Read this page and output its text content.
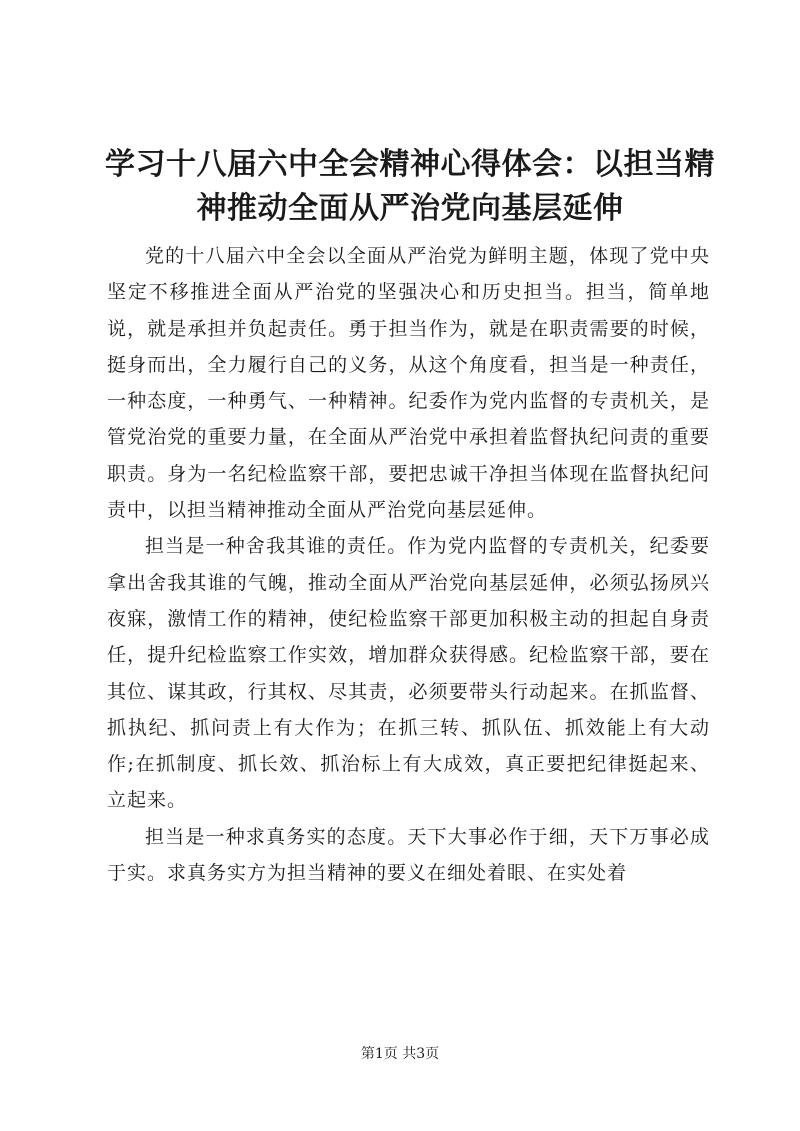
学习十八届六中全会精神心得体会：以担当精神推动全面从严治党向基层延伸

党的十八届六中全会以全面从严治党为鲜明主题，体现了党中央坚定不移推进全面从严治党的坚强决心和历史担当。担当，简单地说，就是承担并负起责任。勇于担当作为，就是在职责需要的时候，挺身而出，全力履行自己的义务，从这个角度看，担当是一种责任，一种态度，一种勇气、一种精神。纪委作为党内监督的专责机关，是管党治党的重要力量，在全面从严治党中承担着监督执纪问责的重要职责。身为一名纪检监察干部，要把忠诚干净担当体现在监督执纪问责中，以担当精神推动全面从严治党向基层延伸。

担当是一种舍我其谁的责任。作为党内监督的专责机关，纪委要拿出舍我其谁的气魄，推动全面从严治党向基层延伸，必须弘扬夙兴夜寐，激情工作的精神，使纪检监察干部更加积极主动的担起自身责任，提升纪检监察工作实效，增加群众获得感。纪检监察干部，要在其位、谋其政，行其权、尽其责，必须要带头行动起来。在抓监督、抓执纪、抓问责上有大作为；在抓三转、抓队伍、抓效能上有大动作;在抓制度、抓长效、抓治标上有大成效，真正要把纪律挺起来、立起来。

担当是一种求真务实的态度。天下大事必作于细，天下万事必成于实。求真务实方为担当精神的要义在细处着眼、在实处着

第1页 共3页
